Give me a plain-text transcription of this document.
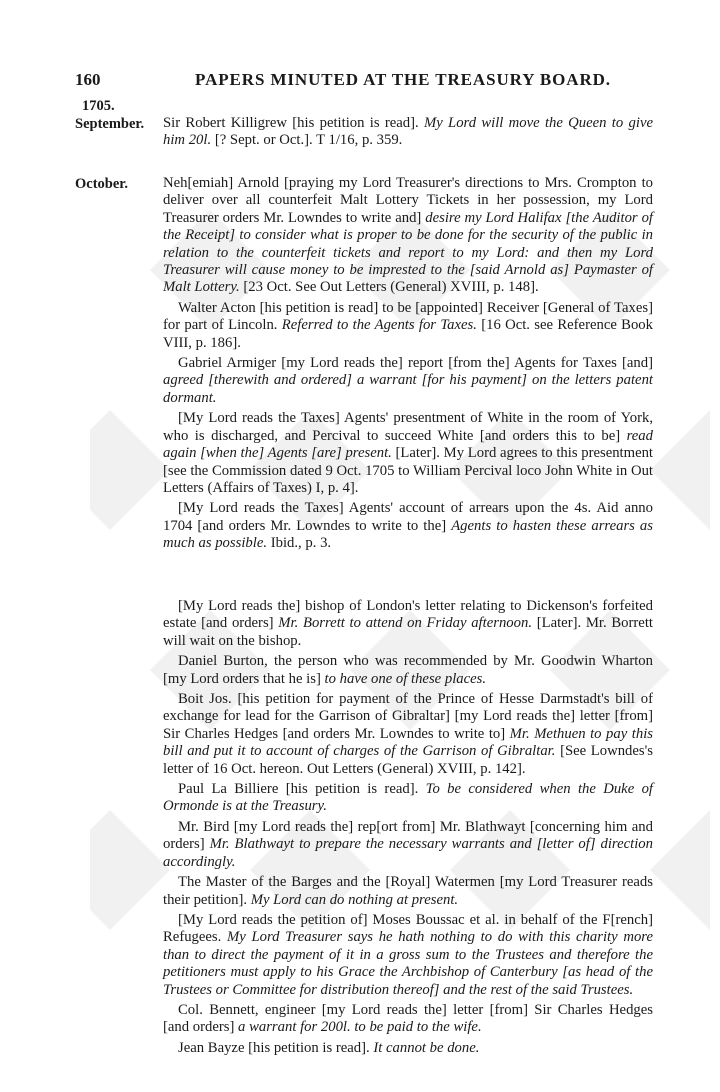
160	PAPERS MINUTED AT THE TREASURY BOARD.
1705.
September.
October.

Sir Robert Killigrew [his petition is read]. My Lord will move the Queen to give him 20l. [? Sept. or Oct.]. T 1/16, p. 359.

Neh[emiah] Arnold [praying my Lord Treasurer's directions to Mrs. Crompton to deliver over all counterfeit Malt Lottery Tickets in her possession, my Lord Treasurer orders Mr. Lowndes to write and] desire my Lord Halifax [the Auditor of the Receipt] to consider what is proper to be done for the security of the public in relation to the counterfeit tickets and report to my Lord: and then my Lord Treasurer will cause money to be imprested to the [said Arnold as] Paymaster of Malt Lottery. [23 Oct. See Out Letters (General) XVIII, p. 148].

Walter Acton [his petition is read] to be [appointed] Receiver [General of Taxes] for part of Lincoln. Referred to the Agents for Taxes. [16 Oct. see Reference Book VIII, p. 186].

Gabriel Armiger [my Lord reads the] report [from the] Agents for Taxes [and] agreed [therewith and ordered] a warrant [for his payment] on the letters patent dormant.

[My Lord reads the Taxes] Agents' presentment of White in the room of York, who is discharged, and Percival to succeed White [and orders this to be] read again [when the] Agents [are] present. [Later]. My Lord agrees to this presentment [see the Commission dated 9 Oct. 1705 to William Percival loco John White in Out Letters (Affairs of Taxes) I, p. 4].

[My Lord reads the Taxes] Agents' account of arrears upon the 4s. Aid anno 1704 [and orders Mr. Lowndes to write to the] Agents to hasten these arrears as much as possible. Ibid., p. 3.

[My Lord reads the] bishop of London's letter relating to Dickenson's forfeited estate [and orders] Mr. Borrett to attend on Friday afternoon. [Later]. Mr. Borrett will wait on the bishop.

Daniel Burton, the person who was recommended by Mr. Goodwin Wharton [my Lord orders that he is] to have one of these places.

Boit Jos. [his petition for payment of the Prince of Hesse Darmstadt's bill of exchange for lead for the Garrison of Gibraltar] [my Lord reads the] letter [from] Sir Charles Hedges [and orders Mr. Lowndes to write to] Mr. Methuen to pay this bill and put it to account of charges of the Garrison of Gibraltar. [See Lowndes's letter of 16 Oct. hereon. Out Letters (General) XVIII, p. 142].

Paul La Billiere [his petition is read]. To be considered when the Duke of Ormonde is at the Treasury.

Mr. Bird [my Lord reads the] rep[ort from] Mr. Blathwayt [concerning him and orders] Mr. Blathwayt to prepare the necessary warrants and [letter of] direction accordingly.

The Master of the Barges and the [Royal] Watermen [my Lord Treasurer reads their petition]. My Lord can do nothing at present.

[My Lord reads the petition of] Moses Boussac et al. in behalf of the F[rench] Refugees. My Lord Treasurer says he hath nothing to do with this charity more than to direct the payment of it in a gross sum to the Trustees and therefore the petitioners must apply to his Grace the Archbishop of Canterbury [as head of the Trustees or Committee for distribution thereof] and the rest of the said Trustees.

Col. Bennett, engineer [my Lord reads the] letter [from] Sir Charles Hedges [and orders] a warrant for 200l. to be paid to the wife.

Jean Bayze [his petition is read]. It cannot be done.
